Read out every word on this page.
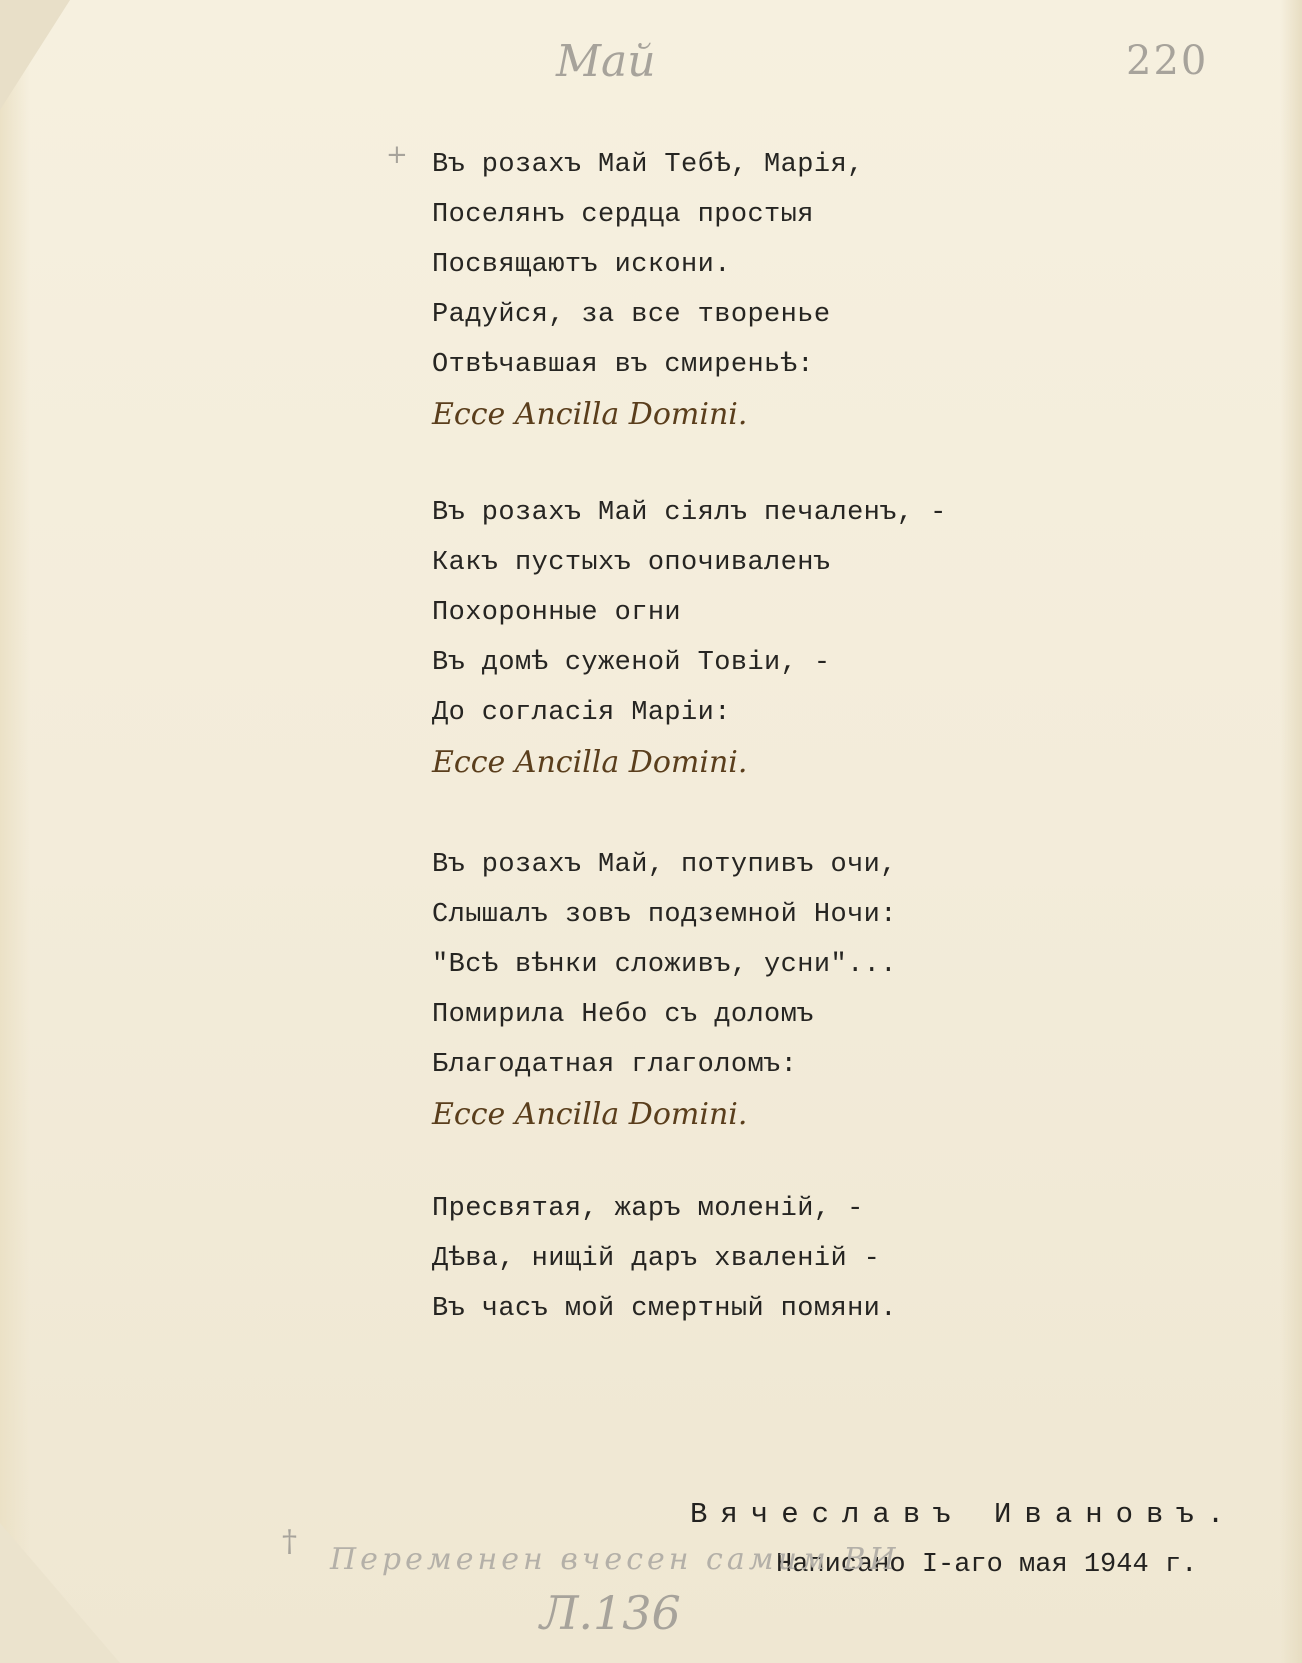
Май	220
+ Въ розахъ Май Тебѣ, Марія,
Поселянъ сердца простыя
Посвящаютъ искони.
Радуйся, за все творенье
Отвѣчавшая въ смиреньѣ:
Ecce Ancilla Domini.
Въ розахъ Май сіялъ печаленъ, -
Какъ пустыхъ опочиваленъ
Похоронные огни
Въ домѣ суженой Товіи, -
До согласія Маріи:
Ecce Ancilla Domini.
Въ розахъ Май, потупивъ очи,
Слышалъ зовъ подземной Ночи:
"Всѣ вѣнки сложивъ, усни"...
Помирила Небо съ доломъ
Благодатная глаголомъ:
Ecce Ancilla Domini.
Пресвятая, жаръ моленій, -
Дѣва, нищій даръ хваленій -
Въ часъ мой смертный помяни.
Вячеславъ Ивановъ.
Написано I-аго мая 1944 г.
†
Переменен вчесен самим ВИ
Л.136
